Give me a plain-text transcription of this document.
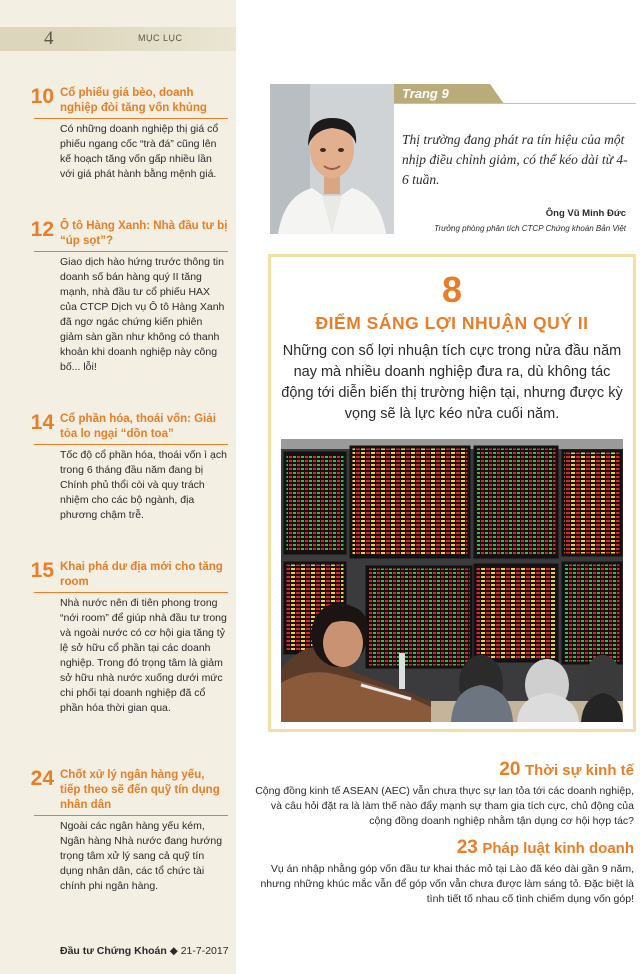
4	MỤC LỤC
10 Cổ phiếu giá bèo, doanh nghiệp đòi tăng vốn khủng
Có những doanh nghiệp thị giá cổ phiếu ngang cốc “trà đá” cũng lên kế hoạch tăng vốn gấp nhiều lần với giá phát hành bằng mệnh giá.
12 Ô tô Hàng Xanh: Nhà đầu tư bị “úp sọt”?
Giao dịch hào hứng trước thông tin doanh số bán hàng quý II tăng mạnh, nhà đầu tư cổ phiếu HAX của CTCP Dịch vụ Ô tô Hàng Xanh đã ngơ ngác chứng kiến phiên giảm sàn gần như không có thanh khoản khi doanh nghiệp này công bố... lỗi!
14 Cổ phần hóa, thoái vốn: Giải tỏa lo ngại “dồn toa”
Tốc độ cổ phần hóa, thoái vốn ì ạch trong 6 tháng đầu năm đang bị Chính phủ thổi còi và quy trách nhiệm cho các bộ ngành, địa phương chậm trễ.
15 Khai phá dư địa mới cho tăng room
Nhà nước nên đi tiên phong trong “nới room” để giúp nhà đầu tư trong và ngoài nước có cơ hội gia tăng tỷ lệ sở hữu cổ phần tại các doanh nghiệp. Trong đó trọng tâm là giảm sở hữu nhà nước xuống dưới mức chi phối tại doanh nghiệp đã cổ phần hóa thời gian qua.
24 Chốt xử lý ngân hàng yếu, tiếp theo sẽ đến quỹ tín dụng nhân dân
Ngoài các ngân hàng yếu kém, Ngân hàng Nhà nước đang hướng trọng tâm xử lý sang cả quỹ tín dụng nhân dân, các tổ chức tài chính phi ngân hàng.
Đầu tư Chứng Khoán ◆ 21-7-2017
Trang 9
Thị trường đang phát ra tín hiệu của một nhịp điều chỉnh giảm, có thể kéo dài từ 4-6 tuần.
Ông Vũ Minh Đức
Trưởng phòng phân tích CTCP Chứng khoán Bản Việt
8
ĐIỂM SÁNG LỢI NHUẬN QUÝ II
Những con số lợi nhuận tích cực trong nửa đầu năm nay mà nhiều doanh nghiệp đưa ra, dù không tác động tới diễn biến thị trường hiện tại, nhưng được kỳ vọng sẽ là lực kéo nửa cuối năm.
20 Thời sự kinh tế
Cộng đồng kinh tế ASEAN (AEC) vẫn chưa thực sự lan tỏa tới các doanh nghiệp, và câu hỏi đặt ra là làm thế nào đẩy mạnh sự tham gia tích cực, chủ động của cộng đồng doanh nghiệp nhằm tận dụng cơ hội hợp tác?
23 Pháp luật kinh doanh
Vụ án nhập nhằng góp vốn đầu tư khai thác mỏ tại Lào đã kéo dài gần 9 năm, nhưng những khúc mắc vẫn để góp vốn vẫn chưa được làm sáng tỏ. Đặc biệt là tình tiết tố nhau cố tình chiếm dụng vốn góp!
